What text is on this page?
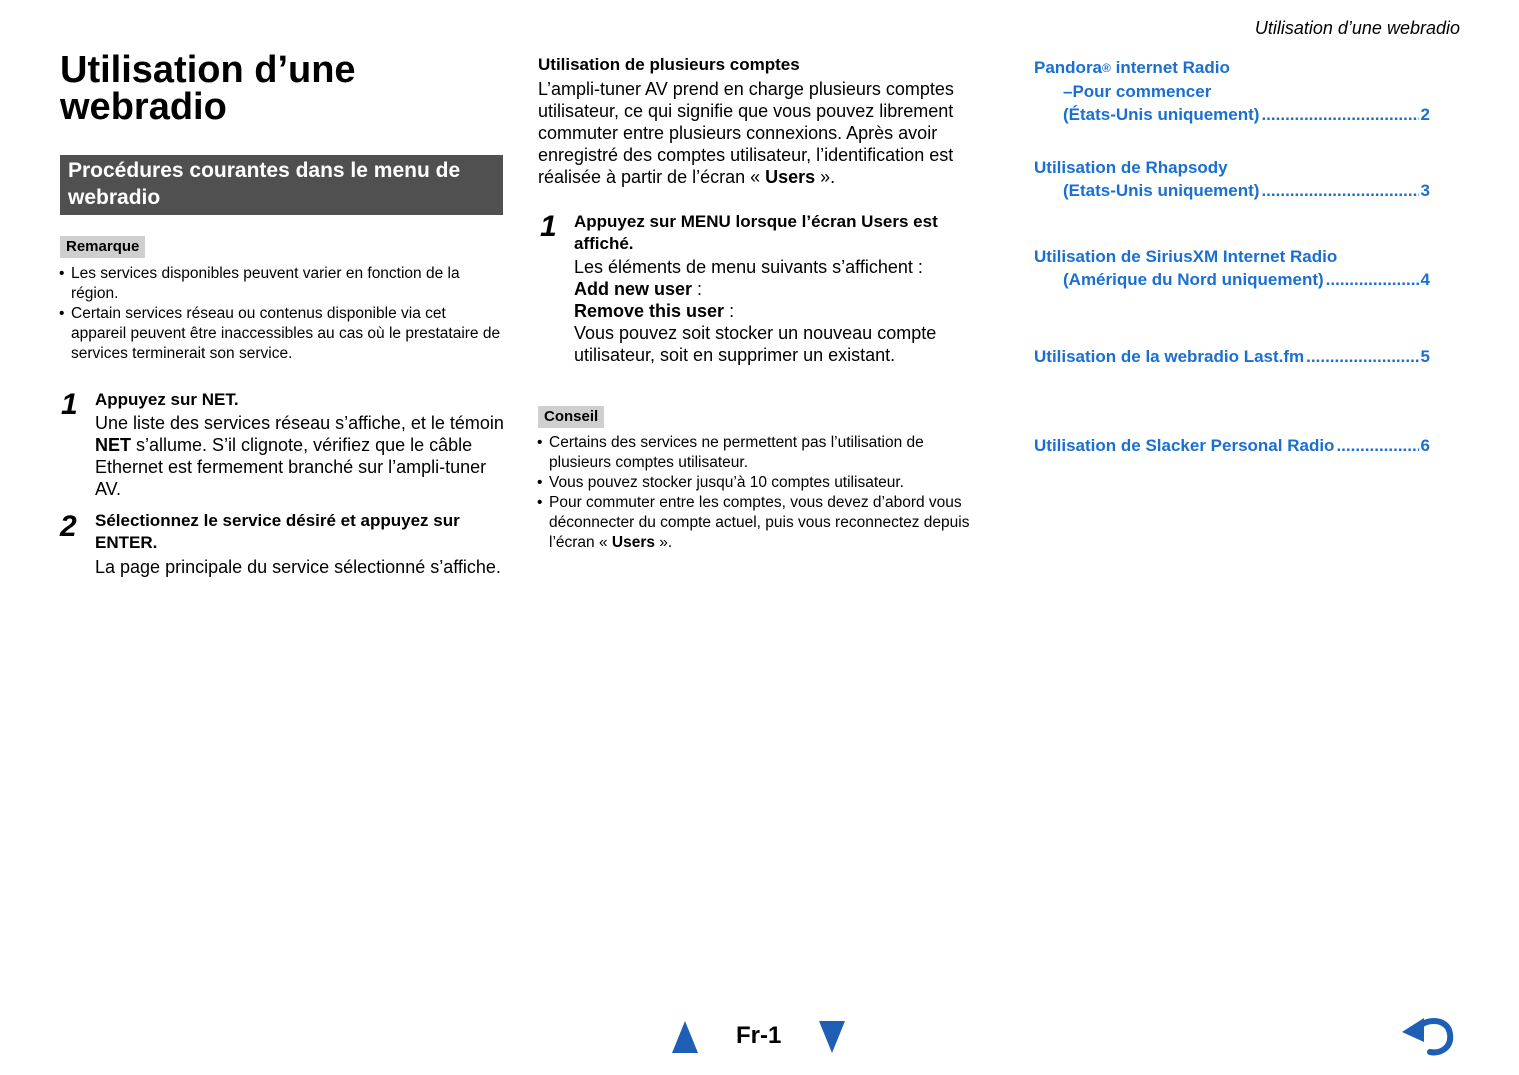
Utilisation d’une webradio
Utilisation d’une webradio
Procédures courantes dans le menu de webradio
Remarque
• Les services disponibles peuvent varier en fonction de la région.
• Certain services réseau ou contenus disponible via cet appareil peuvent être inaccessibles au cas où le prestataire de services terminerait son service.
1 Appuyez sur NET.
Une liste des services réseau s’affiche, et le témoin NET s’allume. S’il clignote, vérifiez que le câble Ethernet est fermement branché sur l’ampli-tuner AV.
2 Sélectionnez le service désiré et appuyez sur ENTER.
La page principale du service sélectionné s’affiche.
Utilisation de plusieurs comptes
L’ampli-tuner AV prend en charge plusieurs comptes utilisateur, ce qui signifie que vous pouvez librement commuter entre plusieurs connexions. Après avoir enregistré des comptes utilisateur, l’identification est réalisée à partir de l’écran « Users ».
1 Appuyez sur MENU lorsque l’écran Users est affiché.

Les éléments de menu suivants s’affichent :

Add new user :

Remove this user :

Vous pouvez soit stocker un nouveau compte utilisateur, soit en supprimer un existant.

Conseil
• Certains des services ne permettent pas l’utilisation de plusieurs comptes utilisateur.
• Vous pouvez stocker jusqu’à 10 comptes utilisateur.
• Pour commuter entre les comptes, vous devez d’abord vous déconnecter du compte actuel, puis vous reconnectez depuis l’écran « Users ».
Pandora® internet Radio
–Pour commencer
(États-Unis uniquement) .....	2
Utilisation de Rhapsody
(Etats-Unis uniquement) .....	3
Utilisation de SiriusXM Internet Radio
(Amérique du Nord uniquement) .....	4
Utilisation de la webradio Last.fm .....	5
Utilisation de Slacker Personal Radio .....	6
Fr-1
